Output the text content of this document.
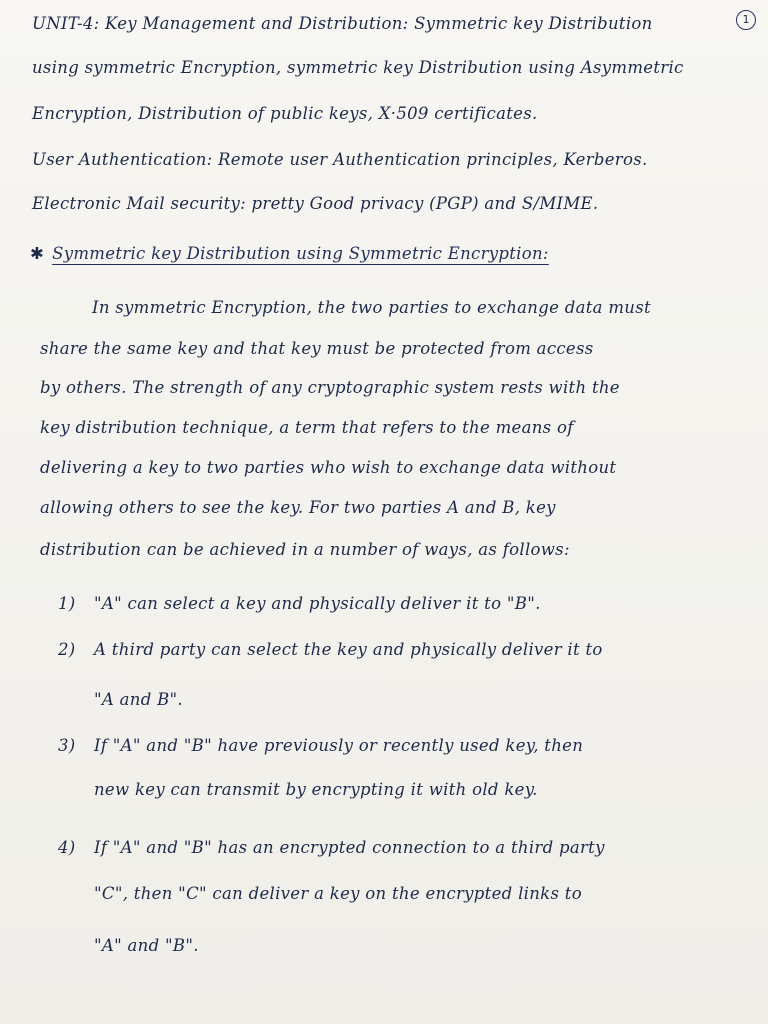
1
UNIT-4: Key Management and Distribution: Symmetric key Distribution
using symmetric Encryption, symmetric key Distribution using Asymmetric
Encryption, Distribution of public keys, X·509 certificates.
User Authentication: Remote user Authentication principles, Kerberos.
Electronic Mail security: pretty Good privacy (PGP) and S/MIME.
✱ Symmetric key Distribution using Symmetric Encryption:
In symmetric Encryption, the two parties to exchange data must
share the same key and that key must be protected from access
by others. The strength of any cryptographic system rests with the
key distribution technique, a term that refers to the means of
delivering a key to two parties who wish to exchange data without
allowing others to see the key. For two parties A and B, key
distribution can be achieved in a number of ways, as follows:
1) "A" can select a key and physically deliver it to "B".
2) A third party can select the key and physically deliver it to
"A and B".
3) If "A" and "B" have previously or recently used key, then
new key can transmit by encrypting it with old key.
4) If "A" and "B" has an encrypted connection to a third party
"C", then "C" can deliver a key on the encrypted links to
"A" and "B".
